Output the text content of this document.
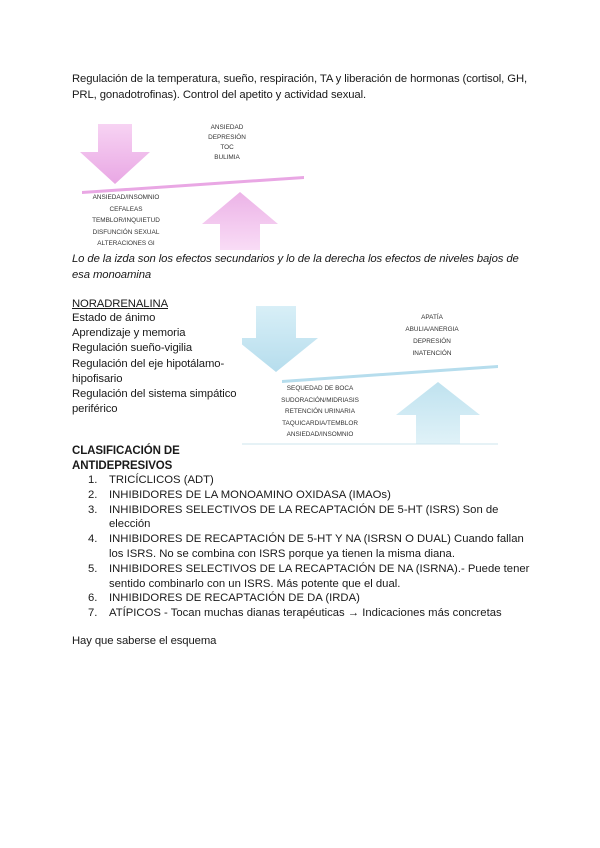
Regulación de la temperatura, sueño, respiración, TA y liberación de hormonas (cortisol, GH, PRL, gonadotrofinas). Control del apetito y actividad sexual.
ANSIEDAD
DEPRESIÓN
TOC
BULIMIA
ANSIEDAD/INSOMNIO
CEFALEAS
TEMBLOR/INQUIETUD
DISFUNCIÓN SEXUAL
ALTERACIONES GI
Lo de la izda son los efectos secundarios y lo de la derecha los efectos de niveles bajos de esa monoamina
NORADRENALINA
Estado de ánimo
Aprendizaje y memoria
Regulación sueño-vigilia
Regulación del eje hipotálamo-hipofisario
Regulación del sistema simpático periférico
APATÍA
ABULIA/ANERGIA
DEPRESIÓN
INATENCIÓN
SEQUEDAD DE BOCA
SUDORACIÓN/MIDRIASIS
RETENCIÓN URINARIA
TAQUICARDIA/TEMBLOR
ANSIEDAD/INSOMNIO
CLASIFICACIÓN DE ANTIDEPRESIVOS
1. TRICÍCLICOS (ADT)
2. INHIBIDORES DE LA MONOAMINO OXIDASA (IMAOs)
3. INHIBIDORES SELECTIVOS DE LA RECAPTACIÓN DE 5-HT (ISRS) Son de elección
4. INHIBIDORES DE RECAPTACIÓN DE 5-HT Y NA (ISRSN O DUAL) Cuando fallan los ISRS. No se combina con ISRS porque ya tienen la misma diana.
5. INHIBIDORES SELECTIVOS DE LA RECAPTACIÓN DE NA (ISRNA).- Puede tener sentido combinarlo con un ISRS. Más potente que el dual.
6. INHIBIDORES DE RECAPTACIÓN DE DA (IRDA)
7. ATÍPICOS - Tocan muchas dianas terapéuticas → Indicaciones más concretas
Hay que saberse el esquema
